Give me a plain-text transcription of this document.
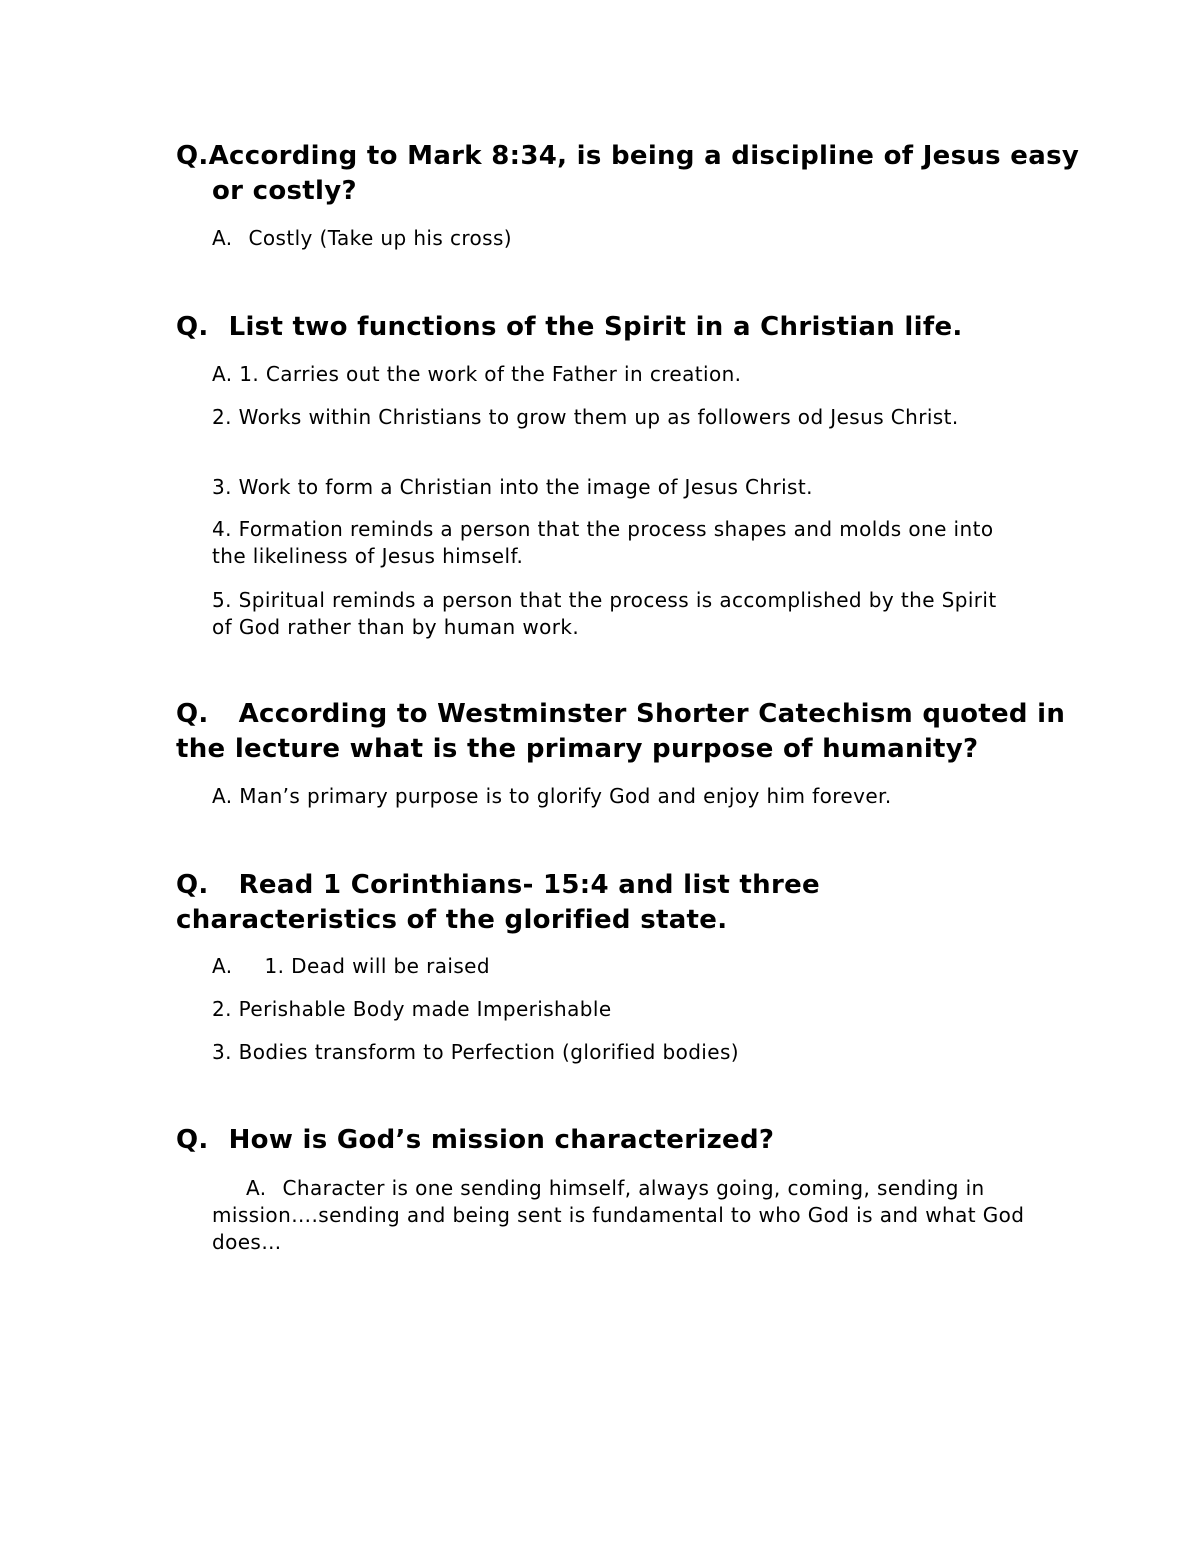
Q.According to Mark 8:34, is being a discipline of Jesus easy or costly?

A. Costly (Take up his cross)

Q. List two functions of the Spirit in a Christian life.

A. 1. Carries out the work of the Father in creation.

2. Works within Christians to grow them up as followers od Jesus Christ.

3. Work to form a Christian into the image of Jesus Christ.

4. Formation reminds a person that the process shapes and molds one into the likeliness of Jesus himself.

5. Spiritual reminds a person that the process is accomplished by the Spirit of God rather than by human work.

Q. According to Westminster Shorter Catechism quoted in the lecture what is the primary purpose of humanity?

A. Man’s primary purpose is to glorify God and enjoy him forever.

Q. Read 1 Corinthians- 15:4 and list three characteristics of the glorified state.

A. 1. Dead will be raised

2. Perishable Body made Imperishable

3. Bodies transform to Perfection (glorified bodies)

Q. How is God’s mission characterized?

A. Character is one sending himself, always going, coming, sending in mission….sending and being sent is fundamental to who God is and what God does…
